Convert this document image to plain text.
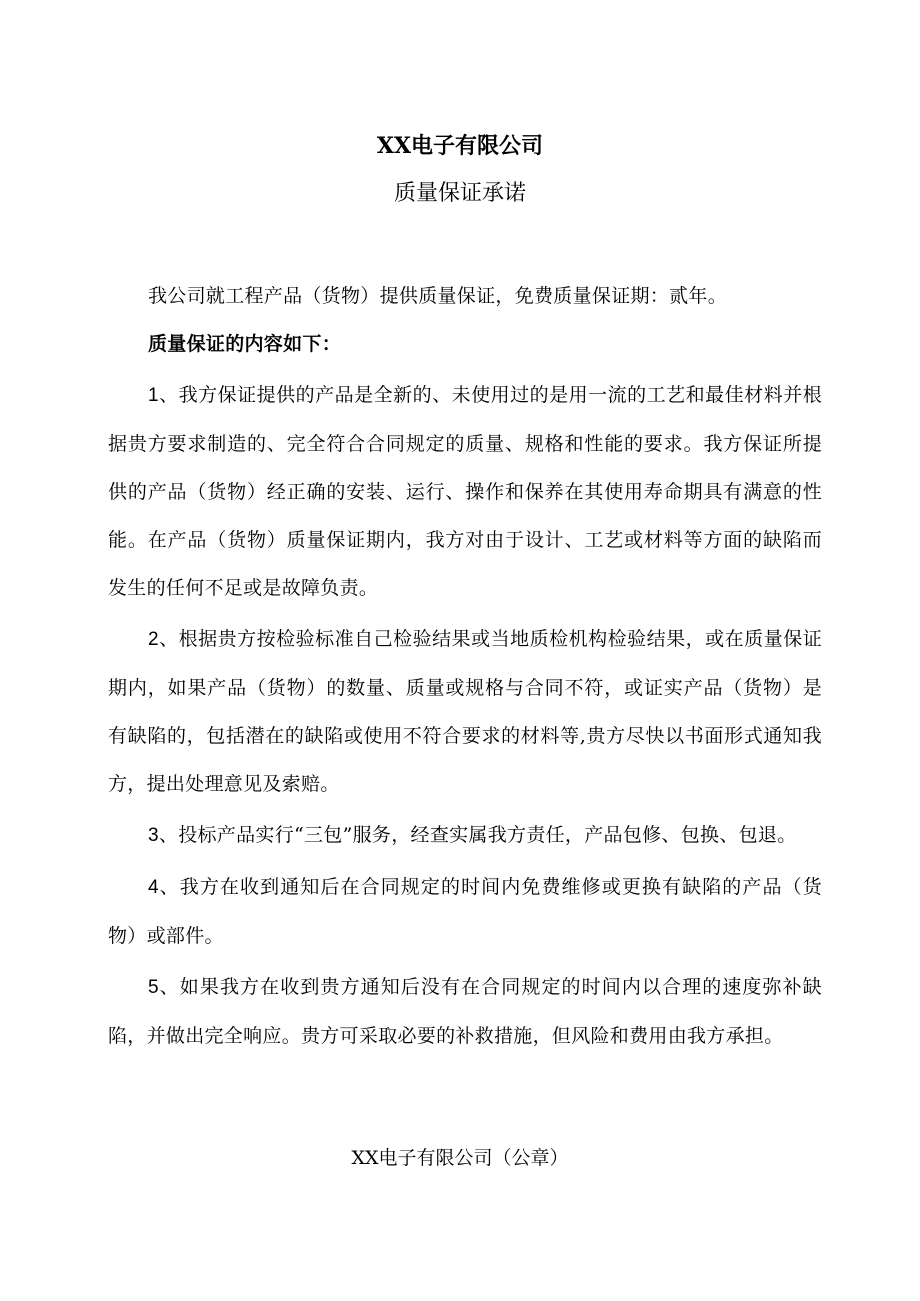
XX电子有限公司
质量保证承诺

我公司就工程产品（货物）提供质量保证，免费质量保证期：贰年。

质量保证的内容如下：

1、我方保证提供的产品是全新的、未使用过的是用一流的工艺和最佳材料并根据贵方要求制造的、完全符合合同规定的质量、规格和性能的要求。我方保证所提供的产品（货物）经正确的安装、运行、操作和保养在其使用寿命期具有满意的性能。在产品（货物）质量保证期内，我方对由于设计、工艺或材料等方面的缺陷而发生的任何不足或是故障负责。

2、根据贵方按检验标准自己检验结果或当地质检机构检验结果，或在质量保证期内，如果产品（货物）的数量、质量或规格与合同不符，或证实产品（货物）是有缺陷的，包括潜在的缺陷或使用不符合要求的材料等,贵方尽快以书面形式通知我方，提出处理意见及索赔。

3、投标产品实行“三包”服务，经查实属我方责任，产品包修、包换、包退。

4、我方在收到通知后在合同规定的时间内免费维修或更换有缺陷的产品（货物）或部件。

5、如果我方在收到贵方通知后没有在合同规定的时间内以合理的速度弥补缺陷，并做出完全响应。贵方可采取必要的补救措施，但风险和费用由我方承担。

XX电子有限公司（公章）
